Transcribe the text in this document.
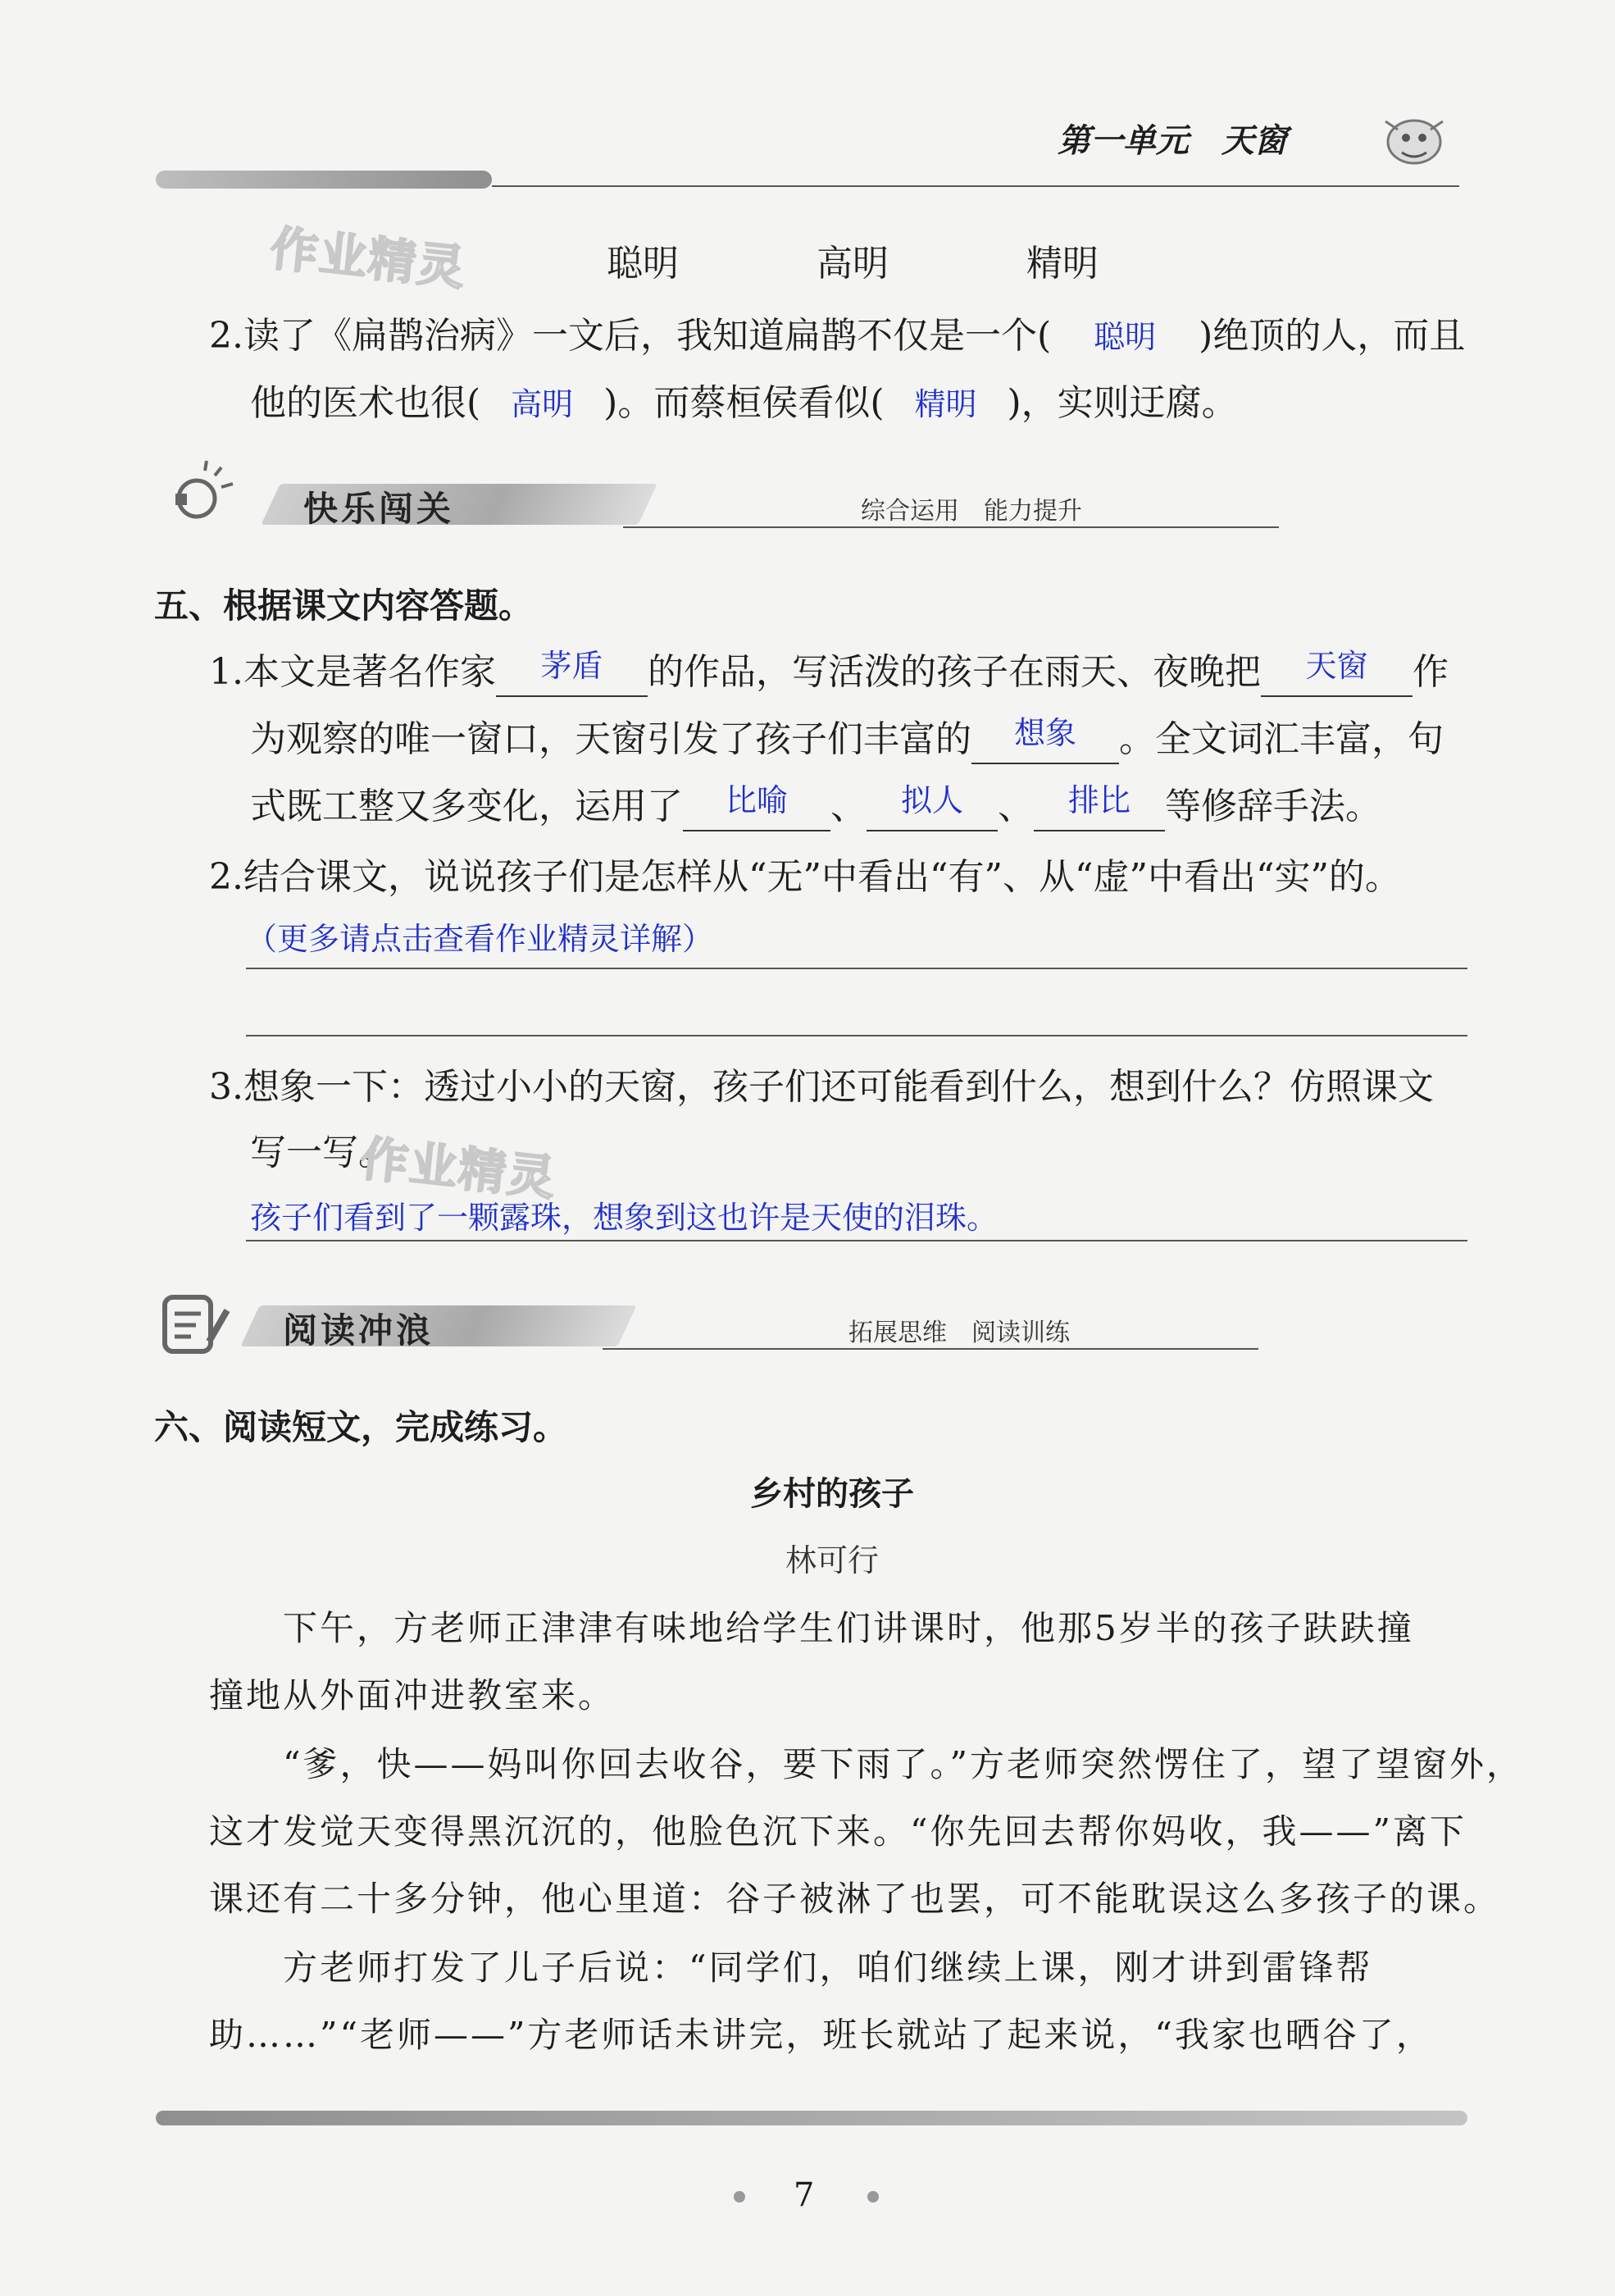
第一单元　天窗
作业精灵	聪明	高明	精明
2.读了《扁鹊治病》一文后，我知道扁鹊不仅是一个( 聪明 )绝顶的人，而且
他的医术也很( 高明 )。而蔡桓侯看似( 精明 )，实则迂腐。
快乐闯关	综合运用　能力提升
五、根据课文内容答题。
1.本文是著名作家	茅盾	的作品，写活泼的孩子在雨天、夜晚把	天窗	作
为观察的唯一窗口，天窗引发了孩子们丰富的	想象	。全文词汇丰富，句
式既工整又多变化，运用了	比喻	、	拟人 、	排比 等修辞手法。
2.结合课文，说说孩子们是怎样从“无”中看出“有”、从“虚”中看出“实”的。
（更多请点击查看作业精灵详解）
3.想象一下：透过小小的天窗，孩子们还可能看到什么，想到什么？仿照课文
写一写。
作业精灵
孩子们看到了一颗露珠，想象到这也许是天使的泪珠。
阅读冲浪	拓展思维　阅读训练
六、阅读短文，完成练习。
乡村的孩子
林可行
下午，方老师正津津有味地给学生们讲课时，他那5岁半的孩子趺趺撞
撞地从外面冲进教室来。
“爹，快——妈叫你回去收谷，要下雨了。”方老师突然愣住了，望了望窗外，
这才发觉天变得黑沉沉的，他脸色沉下来。“你先回去帮你妈收，我——”离下
课还有二十多分钟，他心里道：谷子被淋了也罢，可不能耽误这么多孩子的课。
方老师打发了儿子后说：“同学们，咱们继续上课，刚才讲到雷锋帮
助……”“老师——”方老师话未讲完，班长就站了起来说，“我家也晒谷了，
7
